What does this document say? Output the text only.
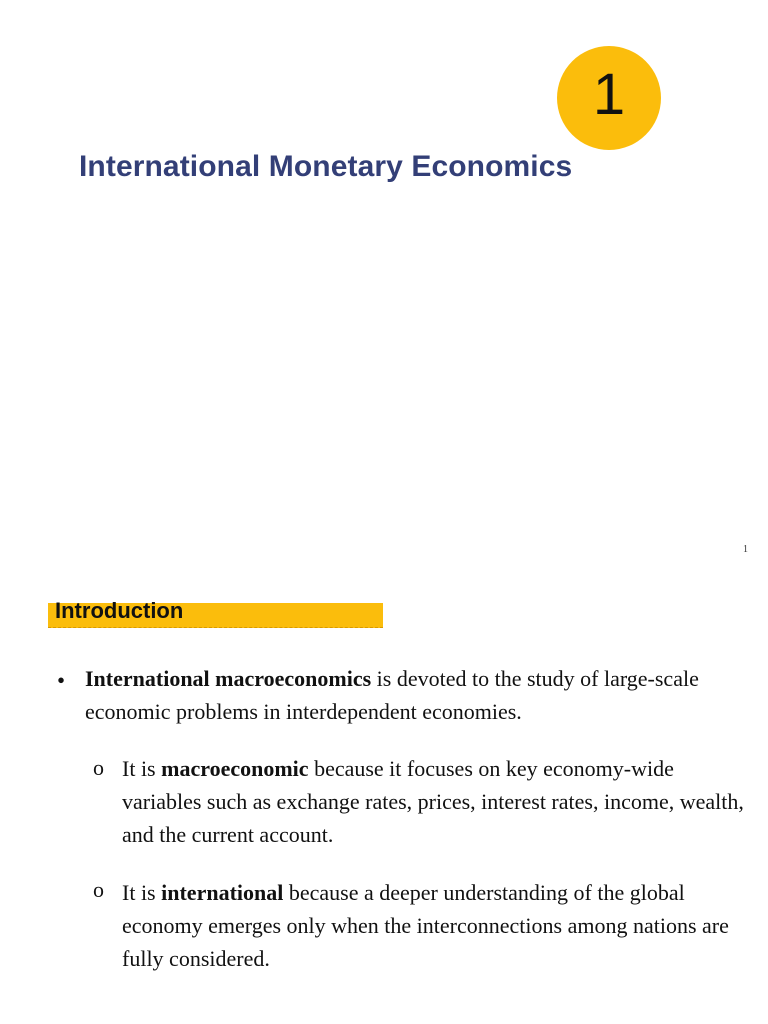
1
International Monetary Economics
1
Introduction
• International macroeconomics is devoted to the study of large-scale economic problems in interdependent economies.
o It is macroeconomic because it focuses on key economy-wide variables such as exchange rates, prices, interest rates, income, wealth, and the current account.
o It is international because a deeper understanding of the global economy emerges only when the interconnections among nations are fully considered.
